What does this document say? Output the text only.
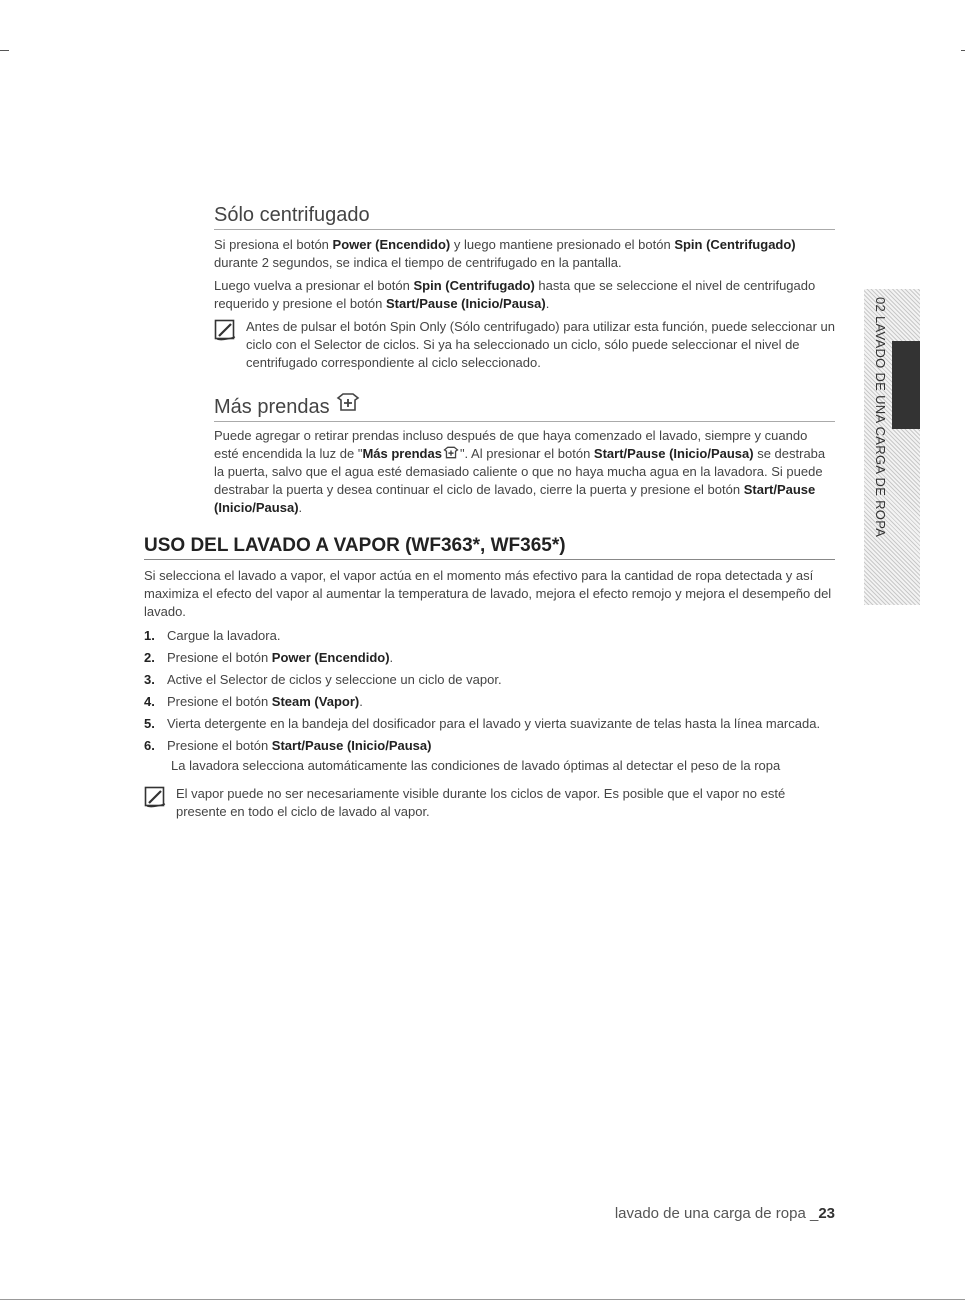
Sólo centrifugado

Si presiona el botón Power (Encendido) y luego mantiene presionado el botón Spin (Centrifugado) durante 2 segundos, se indica el tiempo de centrifugado en la pantalla.

Luego vuelva a presionar el botón Spin (Centrifugado) hasta que se seleccione el nivel de centrifugado requerido y presione el botón Start/Pause (Inicio/Pausa).

Antes de pulsar el botón Spin Only (Sólo centrifugado) para utilizar esta función, puede seleccionar un ciclo con el Selector de ciclos. Si ya ha seleccionado un ciclo, sólo puede seleccionar el nivel de centrifugado correspondiente al ciclo seleccionado.

Más prendas

Puede agregar o retirar prendas incluso después de que haya comenzado el lavado, siempre y cuando esté encendida la luz de "Más prendas ". Al presionar el botón Start/Pause (Inicio/Pausa) se destraba la puerta, salvo que el agua esté demasiado caliente o que no haya mucha agua en la lavadora. Si puede destrabar la puerta y desea continuar el ciclo de lavado, cierre la puerta y presione el botón Start/Pause (Inicio/Pausa).

USO DEL LAVADO A VAPOR (WF363*, WF365*)

Si selecciona el lavado a vapor, el vapor actúa en el momento más efectivo para la cantidad de ropa detectada y así maximiza el efecto del vapor al aumentar la temperatura de lavado, mejora el efecto remojo y mejora el desempeño del lavado.

1. Cargue la lavadora.
2. Presione el botón Power (Encendido).
3. Active el Selector de ciclos y seleccione un ciclo de vapor.
4. Presione el botón Steam (Vapor).
5. Vierta detergente en la bandeja del dosificador para el lavado y vierta suavizante de telas hasta la línea marcada.
6. Presione el botón Start/Pause (Inicio/Pausa)
La lavadora selecciona automáticamente las condiciones de lavado óptimas al detectar el peso de la ropa

El vapor puede no ser necesariamente visible durante los ciclos de vapor. Es posible que el vapor no esté presente en todo el ciclo de lavado al vapor.

02 LAVADO DE UNA CARGA DE ROPA
lavado de una carga de ropa _23
